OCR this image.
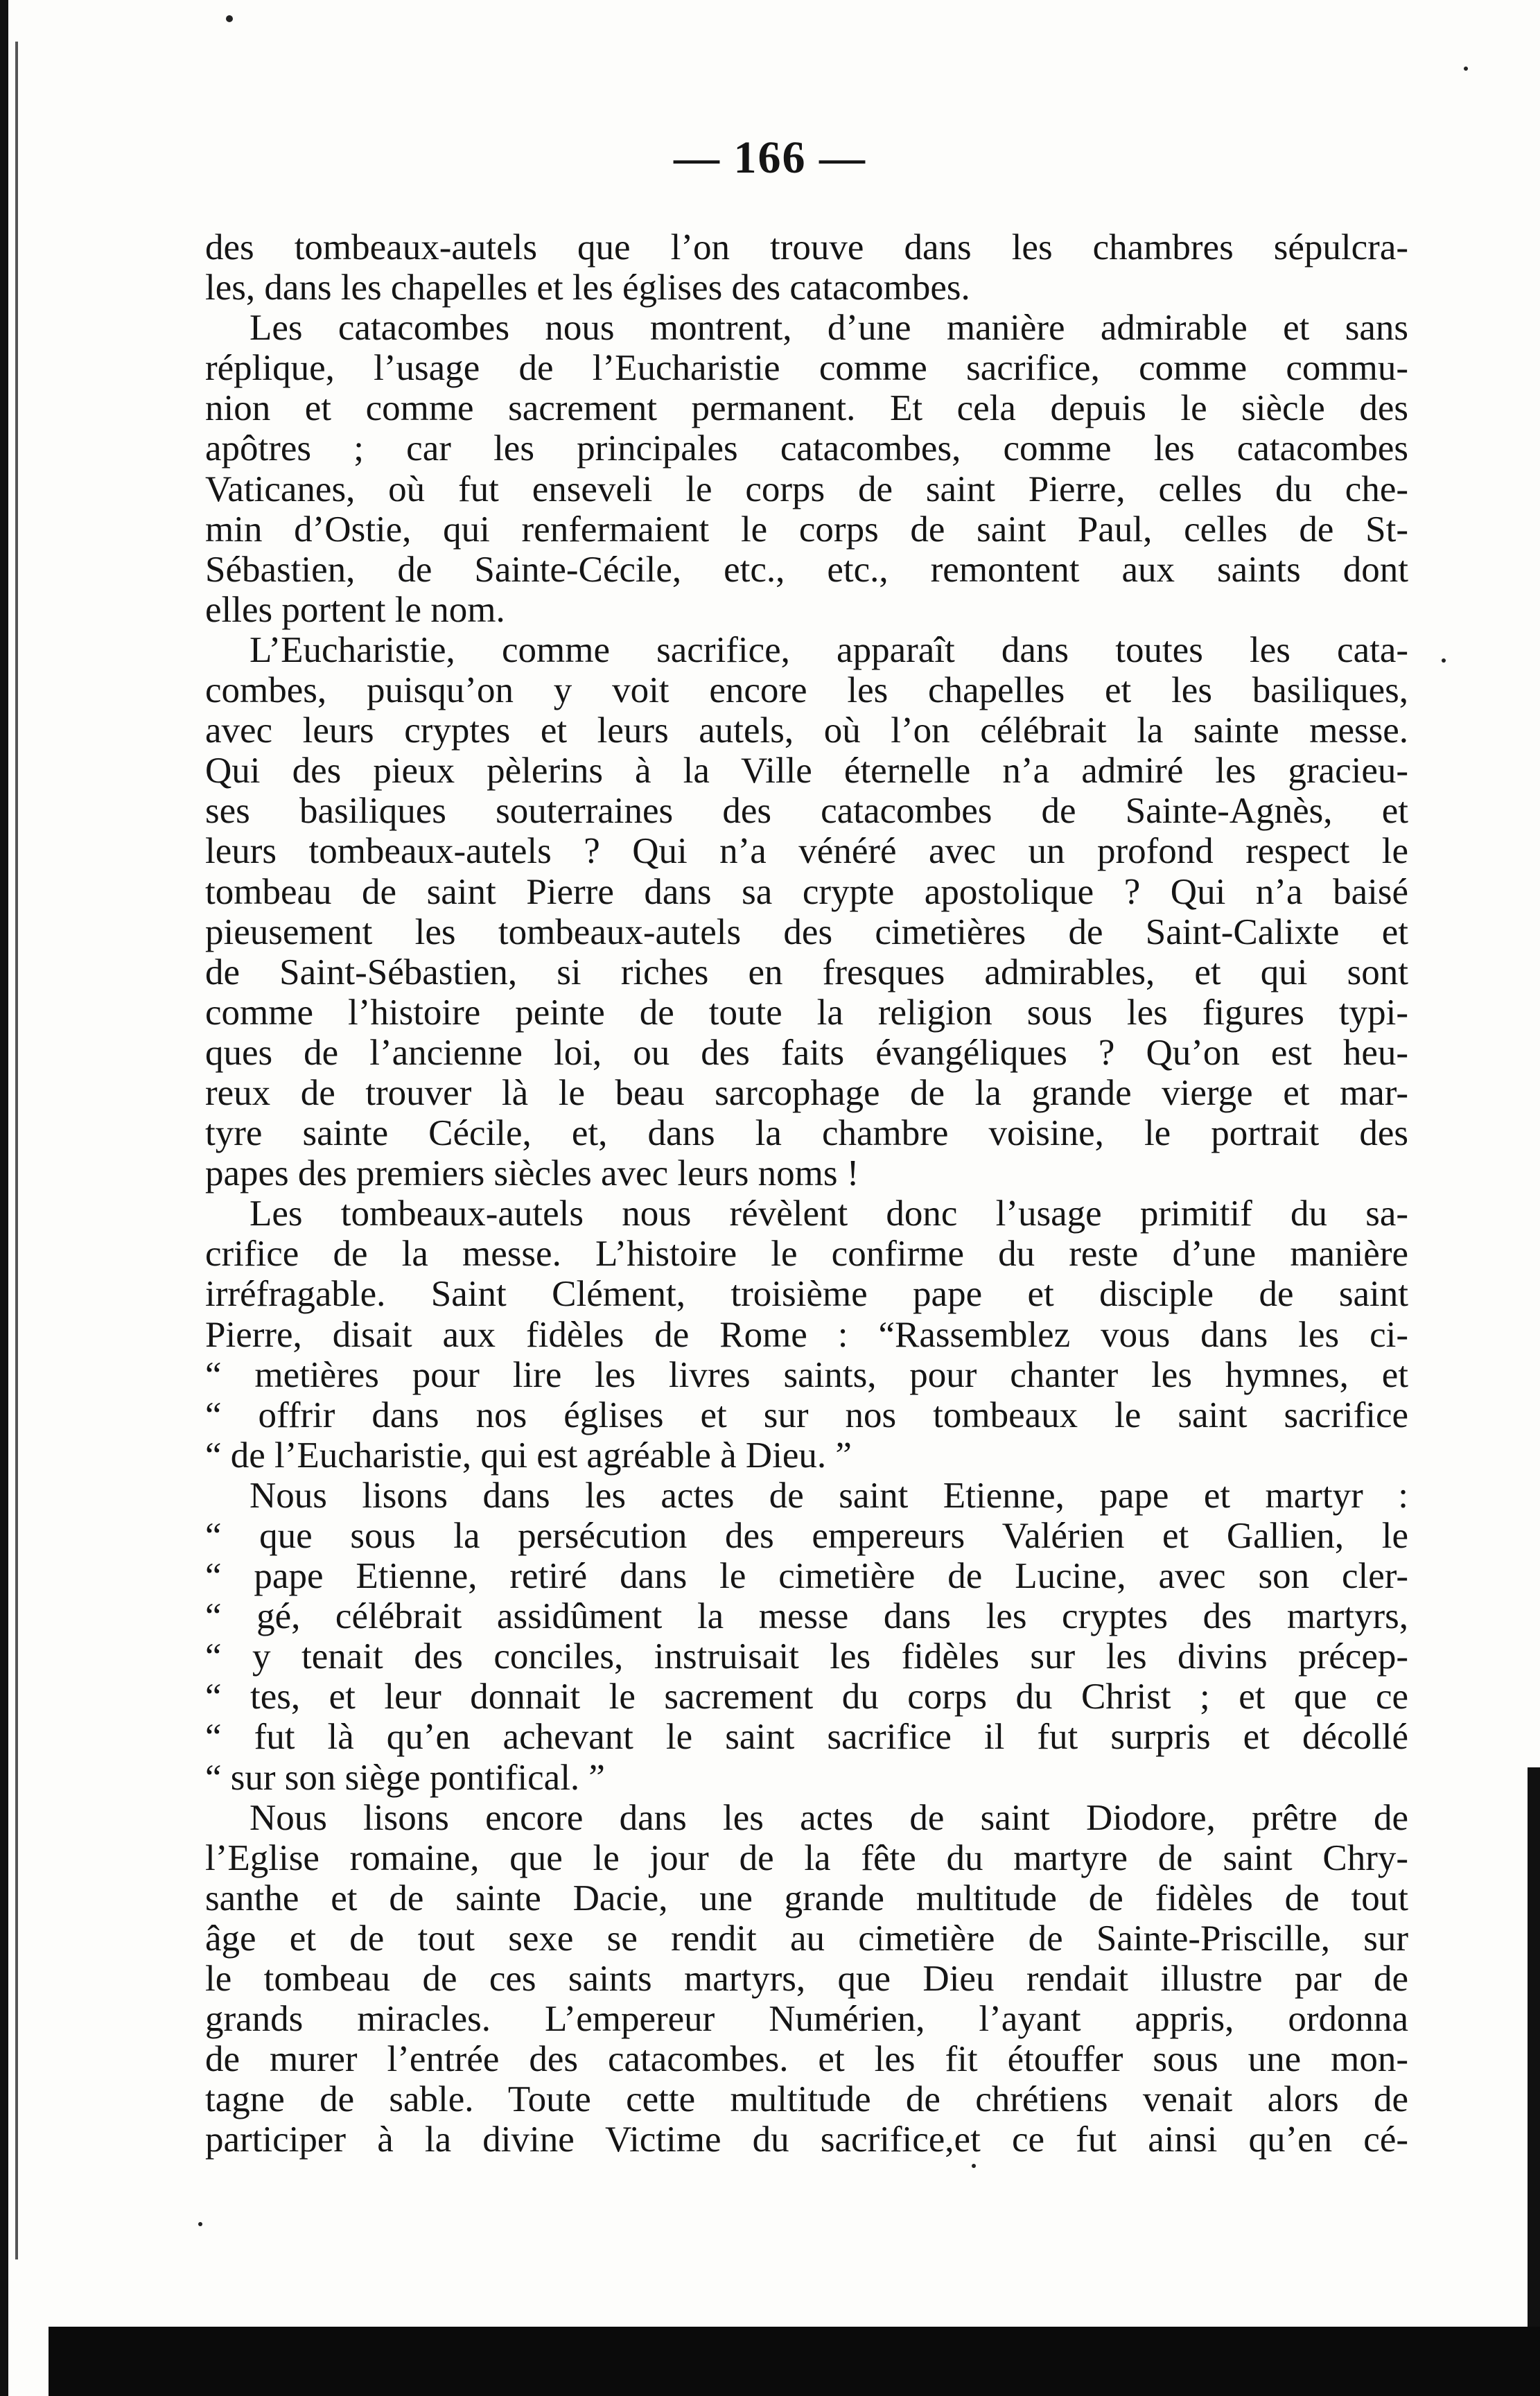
— 166 —
des tombeaux-autels que l’on trouve dans les chambres sépulcra-
les, dans les chapelles et les églises des catacombes.
Les catacombes nous montrent, d’une manière admirable et sans
réplique, l’usage de l’Eucharistie comme sacrifice, comme commu-
nion et comme sacrement permanent. Et cela depuis le siècle des
apôtres ; car les principales catacombes, comme les catacombes
Vaticanes, où fut enseveli le corps de saint Pierre, celles du che-
min d’Ostie, qui renfermaient le corps de saint Paul, celles de St-
Sébastien, de Sainte-Cécile, etc., etc., remontent aux saints dont
elles portent le nom.
L’Eucharistie, comme sacrifice, apparaît dans toutes les cata-
combes, puisqu’on y voit encore les chapelles et les basiliques,
avec leurs cryptes et leurs autels, où l’on célébrait la sainte messe.
Qui des pieux pèlerins à la Ville éternelle n’a admiré les gracieu-
ses basiliques souterraines des catacombes de Sainte-Agnès, et
leurs tombeaux-autels ? Qui n’a vénéré avec un profond respect le
tombeau de saint Pierre dans sa crypte apostolique ? Qui n’a baisé
pieusement les tombeaux-autels des cimetières de Saint-Calixte et
de Saint-Sébastien, si riches en fresques admirables, et qui sont
comme l’histoire peinte de toute la religion sous les figures typi-
ques de l’ancienne loi, ou des faits évangéliques ? Qu’on est heu-
reux de trouver là le beau sarcophage de la grande vierge et mar-
tyre sainte Cécile, et, dans la chambre voisine, le portrait des
papes des premiers siècles avec leurs noms !
Les tombeaux-autels nous révèlent donc l’usage primitif du sa-
crifice de la messe. L’histoire le confirme du reste d’une manière
irréfragable. Saint Clément, troisième pape et disciple de saint
Pierre, disait aux fidèles de Rome : “Rassemblez vous dans les ci-
“ metières pour lire les livres saints, pour chanter les hymnes, et
“ offrir dans nos églises et sur nos tombeaux le saint sacrifice
“ de l’Eucharistie, qui est agréable à Dieu. ”
Nous lisons dans les actes de saint Etienne, pape et martyr :
“ que sous la persécution des empereurs Valérien et Gallien, le
“ pape Etienne, retiré dans le cimetière de Lucine, avec son cler-
“ gé, célébrait assidûment la messe dans les cryptes des martyrs,
“ y tenait des conciles, instruisait les fidèles sur les divins précep-
“ tes, et leur donnait le sacrement du corps du Christ ; et que ce
“ fut là qu’en achevant le saint sacrifice il fut surpris et décollé
“ sur son siège pontifical. ”
Nous lisons encore dans les actes de saint Diodore, prêtre de
l’Eglise romaine, que le jour de la fête du martyre de saint Chry-
santhe et de sainte Dacie, une grande multitude de fidèles de tout
âge et de tout sexe se rendit au cimetière de Sainte-Priscille, sur
le tombeau de ces saints martyrs, que Dieu rendait illustre par de
grands miracles. L’empereur Numérien, l’ayant appris, ordonna
de murer l’entrée des catacombes. et les fit étouffer sous une mon-
tagne de sable. Toute cette multitude de chrétiens venait alors de
participer à la divine Victime du sacrifice,et ce fut ainsi qu’en cé-
